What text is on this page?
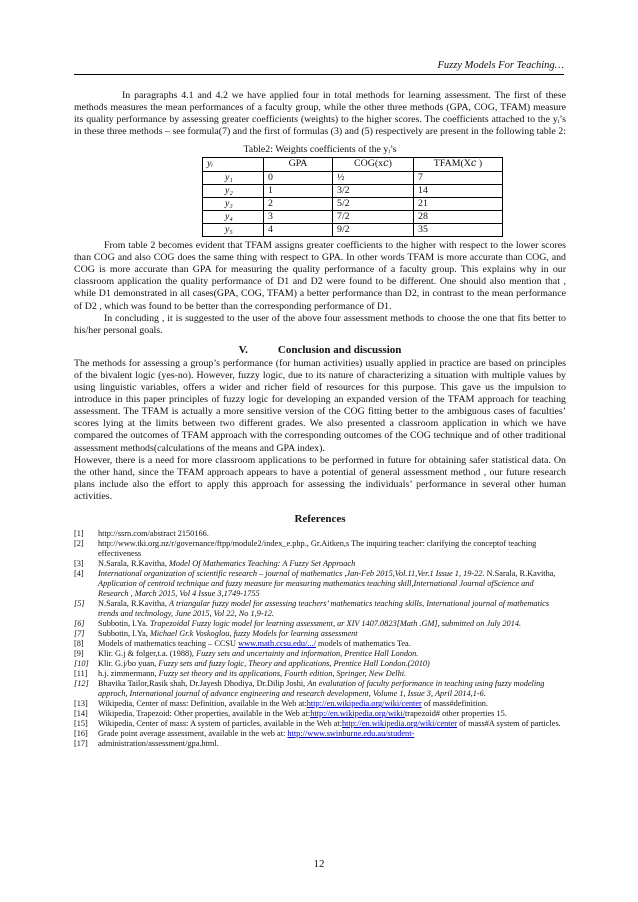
Fuzzy Models For Teaching…

In paragraphs 4.1 and 4.2 we have applied four in total methods for learning assessment. The first of these methods measures the mean performances of a faculty group, while the other three methods (GPA, COG, TFAM) measure its quality performance by assessing greater coefficients (weights) to the higher scores. The coefficients attached to the yᵢ’s in these three methods – see formula(7) and the first of formulas (3) and (5) respectively are present in the following table 2:

Table2: Weights coefficients of the yᵢ’s
yᵢ	GPA	COG(x𝑐)	TFAM(X𝑐 )
y₁	0	½	7
y₂	1	3/2	14
y₃	2	5/2	21
y₄	3	7/2	28
y₅	4	9/2	35

From table 2 becomes evident that TFAM assigns greater coefficients to the higher with respect to the lower scores than COG and also COG does the same thing with respect to GPA. In other words TFAM is more accurate than COG, and COG is more accurate than GPA for measuring the quality performance of a faculty group. This explains why in our classroom application the quality performance of D1 and D2 were found to be different. One should also mention that , while D1 demonstrated in all cases(GPA, COG, TFAM) a better performance than D2, in contrast to the mean performance of D2 , which was found to be better than the corresponding performance of D1.

In concluding , it is suggested to the user of the above four assessment methods to choose the one that fits better to his/her personal goals.

V.	Conclusion and discussion

The methods for assessing a group’s performance (for human activities) usually applied in practice are based on principles of the bivalent logic (yes-no). However, fuzzy logic, due to its nature of characterizing a situation with multiple values by using linguistic variables, offers a wider and richer field of resources for this purpose. This gave us the impulsion to introduce in this paper principles of fuzzy logic for developing an expanded version of the TFAM approach for teaching assessment. The TFAM is actually a more sensitive version of the COG fitting better to the ambiguous cases of faculties’ scores lying at the limits between two different grades. We also presented a classroom application in which we have compared the outcomes of TFAM approach with the corresponding outcomes of the COG technique and of other traditional assessment methods(calculations of the means and GPA index).

However, there is a need for more classroom applications to be performed in future for obtaining safer statistical data. On the other hand, since the TFAM approach appears to have a potential of general assessment method , our future research plans include also the effort to apply this approach for assessing the individuals’ performance in several other human activities.

References
[1]	http://ssrn.com/abstract 2150166.
[2]	http://www.tki.org.nz/r/governance/ftpp/module2/index_e.php., Gr.Aitken,s The inquiring teacher: clarifying the conceptof teaching effectiveness
[3]	N.Sarala, R.Kavitha, Model Of Mathematics Teaching: A Fuzzy Set Approach
[4]	International organization of scientific research – journal of mathematics ,Jan-Feb 2015,Vol.11,Ver.1 Issue 1, 19-22. N.Sarala, R.Kavitha, Application of centroid technique and fuzzy measure for measuring mathematics teaching skill,International Journal ofScience and Research , March 2015, Vol 4 Issue 3,1749-1755
[5]	N.Sarala, R.Kavitha, A triangular fuzzy model for assessing teachers’ mathematics teaching skills, International journal of mathematics trends and technology, June 2015, Vol 22, No 1,9-12.
[6]	Subbotin, I.Ya. Trapezoidal Fuzzy logic model for learning assessment, ar XIV 1407.0823[Math .GM], submitted on July 2014.
[7]	Subbotin, I.Ya, Michael Gr.k Voskoglou, fuzzy Models for learning assessment
[8]	Models of mathematics teaching – CCSU www.math.ccsu.edu/.../ models of mathematics Tea.
[9]	Klir. G.j & folger,t.a. (1988), Fuzzy sets and uncertainty and information, Prentice Hall London.
[10]	Klir. G.j/bo yuan, Fuzzy sets and fuzzy logic, Theory and applications, Prentice Hall London.(2010)
[11]	h.j. zimmermann, Fuzzy set theory and its applications, Fourth edition, Springer, New Delhi.
[12]	Bhavika Tailor,Rasik shah, Dr.Jayesh Dhodiya, Dr.Dilip Joshi, An evalutation of faculty performance in teaching using fuzzy modeling approch, International journal of advance engineering and research development, Volume 1, Issue 3, April 2014,1-6.
[13]	Wikipedia, Center of mass: Definition, available in the Web at:http://en.wikipedia.org/wiki/center of mass#definition.
[14]	Wikipedia, Trapezoid: Other properties, available in the Web at:http://en.wikipedia.org/wiki/trapezoid# other properties 15.
[15]	Wikipedia, Center of mass: A system of particles, available in the Web at:http://en.wikipedia.org/wiki/center of mass#A system of particles.
[16]	Grade point average assessment, available in the web at: http://www.swinburne.edu.au/student-
[17]	administration/assessment/gpa.html.
12
